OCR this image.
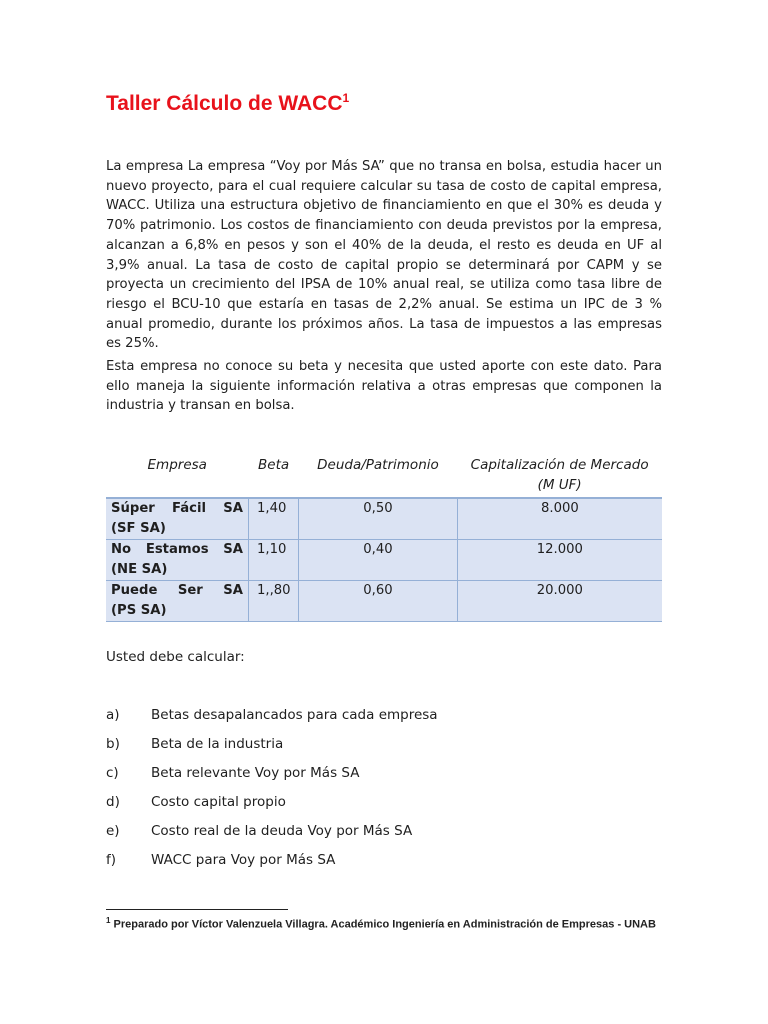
Taller Cálculo de WACC$^1$

La empresa La empresa “Voy por Más SA” que no transa en bolsa, estudia hacer un nuevo proyecto, para el cual requiere calcular su tasa de costo de capital empresa, WACC. Utiliza una estructura objetivo de financiamiento en que el 30% es deuda y 70% patrimonio. Los costos de financiamiento con deuda previstos por la empresa, alcanzan a 6,8% en pesos y son el 40% de la deuda, el resto es deuda en UF al 3,9% anual. La tasa de costo de capital propio se determinará por CAPM y se proyecta un crecimiento del IPSA de 10% anual real, se utiliza como tasa libre de riesgo el BCU-10 que estaría en tasas de 2,2% anual. Se estima un IPC de 3 % anual promedio, durante los próximos años. La tasa de impuestos a las empresas es 25%.

Esta empresa no conoce su beta y necesita que usted aporte con este dato. Para ello maneja la siguiente información relativa a otras empresas que componen la industria y transan en bolsa.

Empresa	Beta	Deuda/Patrimonio	Capitalización de Mercado (M UF)

Súper Fácil SA
(SF SA)	1,40	0,50	8.000

No Estamos SA
(NE SA)	1,10	0,40	12.000

Puede Ser SA
(PS SA)	1,,80	0,60	20.000

Usted debe calcular:

a)	Betas desapalancados para cada empresa
b)	Beta de la industria
c)	Beta relevante Voy por Más SA
d)	Costo capital propio
e)	Costo real de la deuda Voy por Más SA
f)	WACC para Voy por Más SA

$^1$ Preparado por Víctor Valenzuela Villagra. Académico Ingeniería en Administración de Empresas - UNAB
